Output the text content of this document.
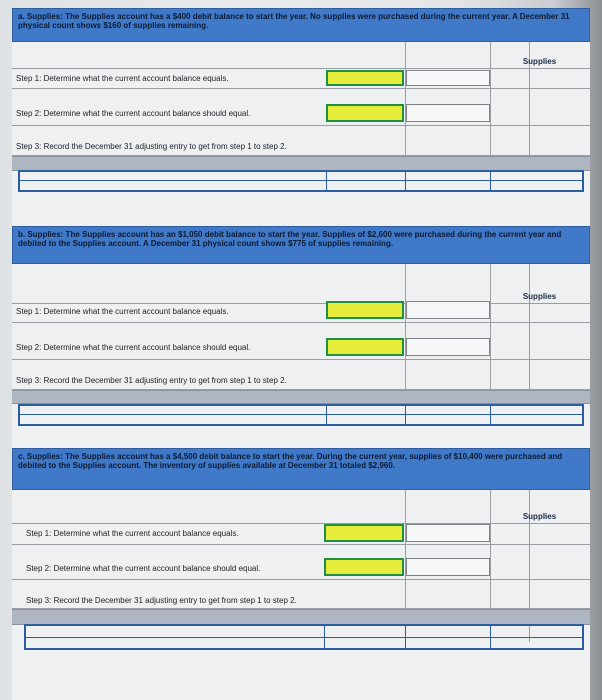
a. Supplies: The Supplies account has a $400 debit balance to start the year. No supplies were purchased during the current year. A December 31 physical count shows $160 of supplies remaining.
Supplies
Step 1: Determine what the current account balance equals.
Step 2: Determine what the current account balance should equal.
Step 3: Record the December 31 adjusting entry to get from step 1 to step 2.
b. Supplies: The Supplies account has an $1,050 debit balance to start the year. Supplies of $2,600 were purchased during the current year and debited to the Supplies account. A December 31 physical count shows $775 of supplies remaining.
Supplies
Step 1: Determine what the current account balance equals.
Step 2: Determine what the current account balance should equal.
Step 3: Record the December 31 adjusting entry to get from step 1 to step 2.
c. Supplies: The Supplies account has a $4,500 debit balance to start the year. During the current year, supplies of $10,400 were purchased and debited to the Supplies account. The inventory of supplies available at December 31 totaled $2,960.
Supplies
Step 1: Determine what the current account balance equals.
Step 2: Determine what the current account balance should equal.
Step 3: Record the December 31 adjusting entry to get from step 1 to step 2.
